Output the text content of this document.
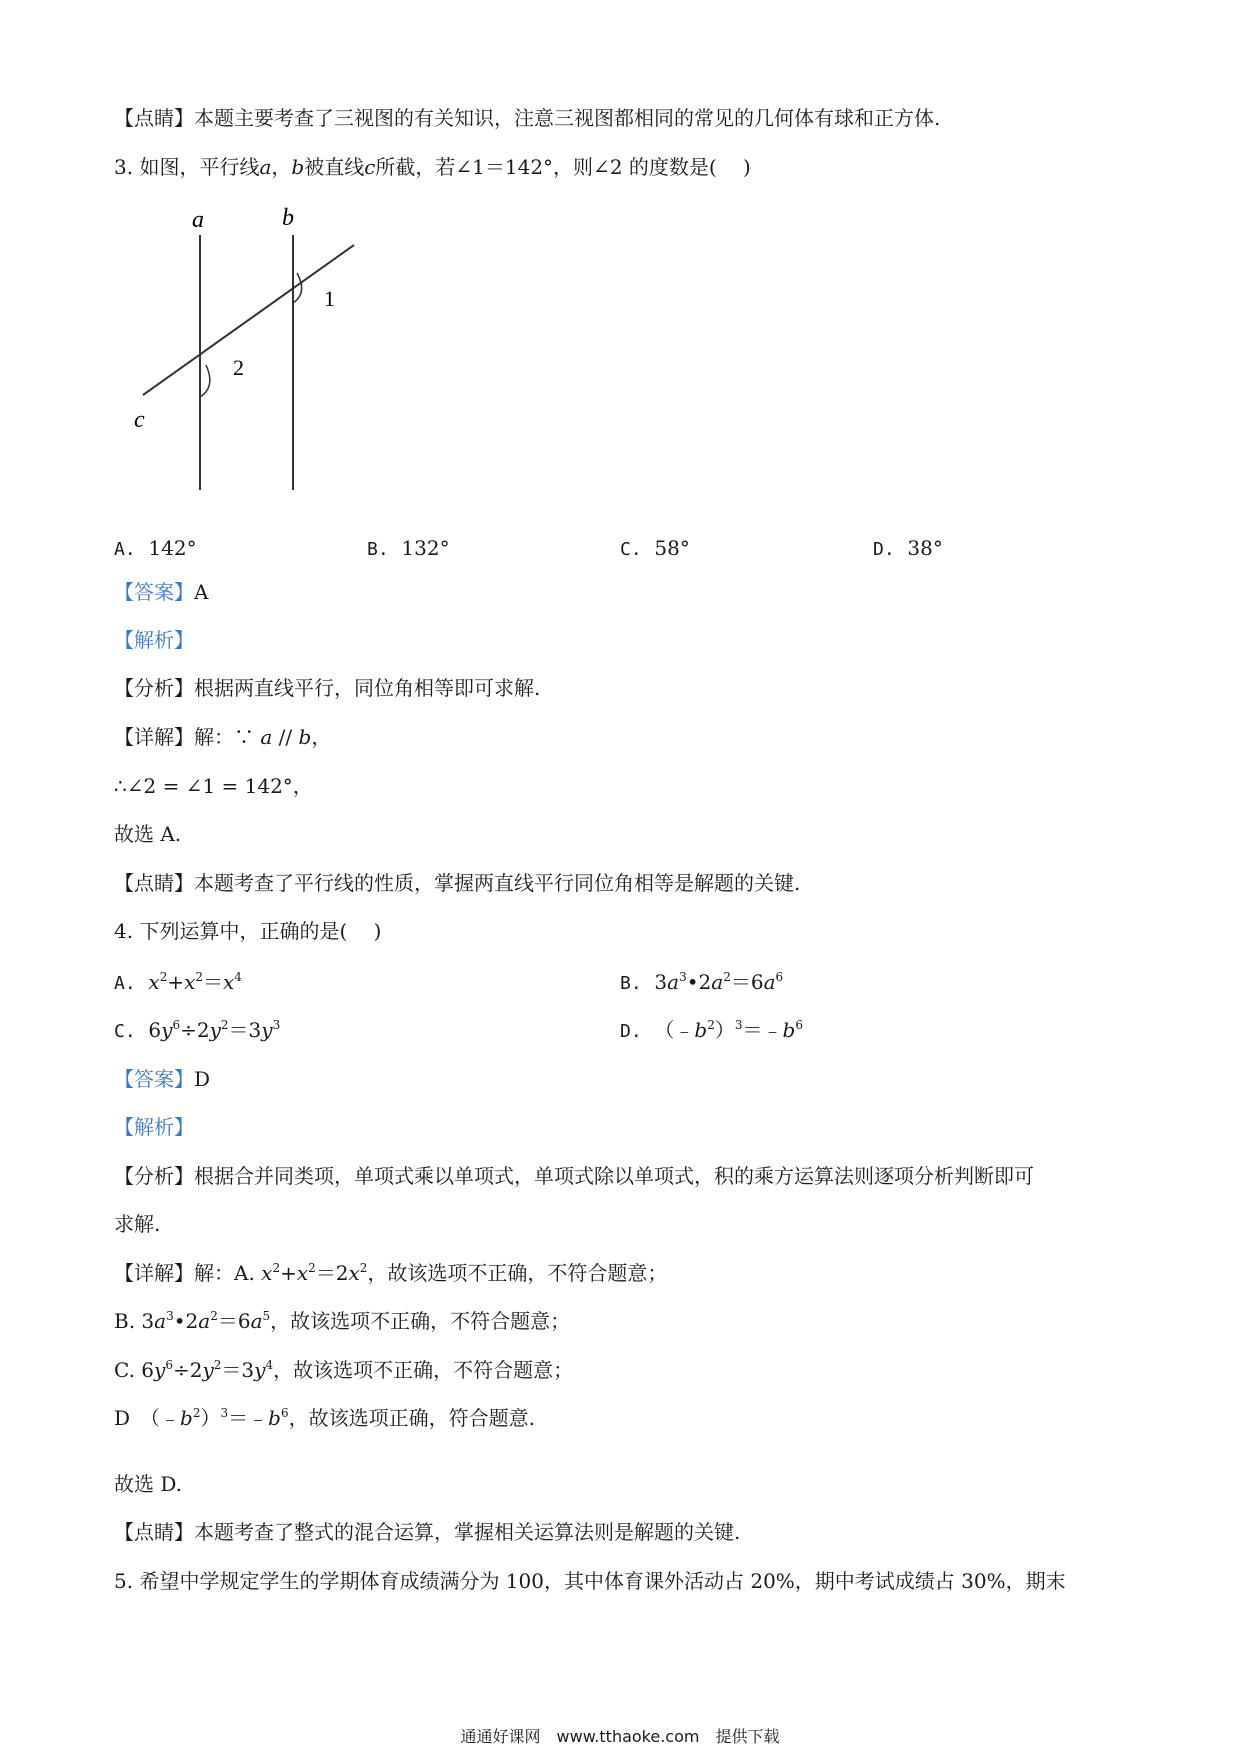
【点睛】本题主要考查了三视图的有关知识，注意三视图都相同的常见的几何体有球和正方体.
3. 如图，平行线a，b被直线c所截，若∠1＝142°，则∠2 的度数是(　 )
a	b
c
1
2
A. 142°	B. 132°	C. 58°	D. 38°
【答案】A
【解析】
【分析】根据两直线平行，同位角相等即可求解.
【详解】解：∵ a // b，
∴∠2 = ∠1 = 142°，
故选 A.
【点睛】本题考查了平行线的性质，掌握两直线平行同位角相等是解题的关键.
4. 下列运算中，正确的是(　 )
A. $x^2+x^2=x^4$	B.  $3a^3•2a^2=6a^6$
C.  $6y^6\div 2y^2=3y^3$	D.  $(﹣b^2)^3=﹣b^6$
【答案】D
【解析】
【分析】根据合并同类项，单项式乘以单项式，单项式除以单项式，积的乘方运算法则逐项分析判断即可
求解.
【详解】解：A. $x^2+x^2=2x^2$，故该选项不正确，不符合题意；
B. $3a^3•2a^2=6a^5$，故该选项不正确，不符合题意；
C. $6y^6\div 2y^2=3y^4$，故该选项不正确，不符合题意；
D　$(﹣b^2)^3=﹣b^6$，故该选项正确，符合题意.
故选 D.
【点睛】本题考查了整式的混合运算，掌握相关运算法则是解题的关键.
5. 希望中学规定学生的学期体育成绩满分为 100，其中体育课外活动占 20%，期中考试成绩占 30%，期末
通通好课网　www.tthaoke.com　提供下载
